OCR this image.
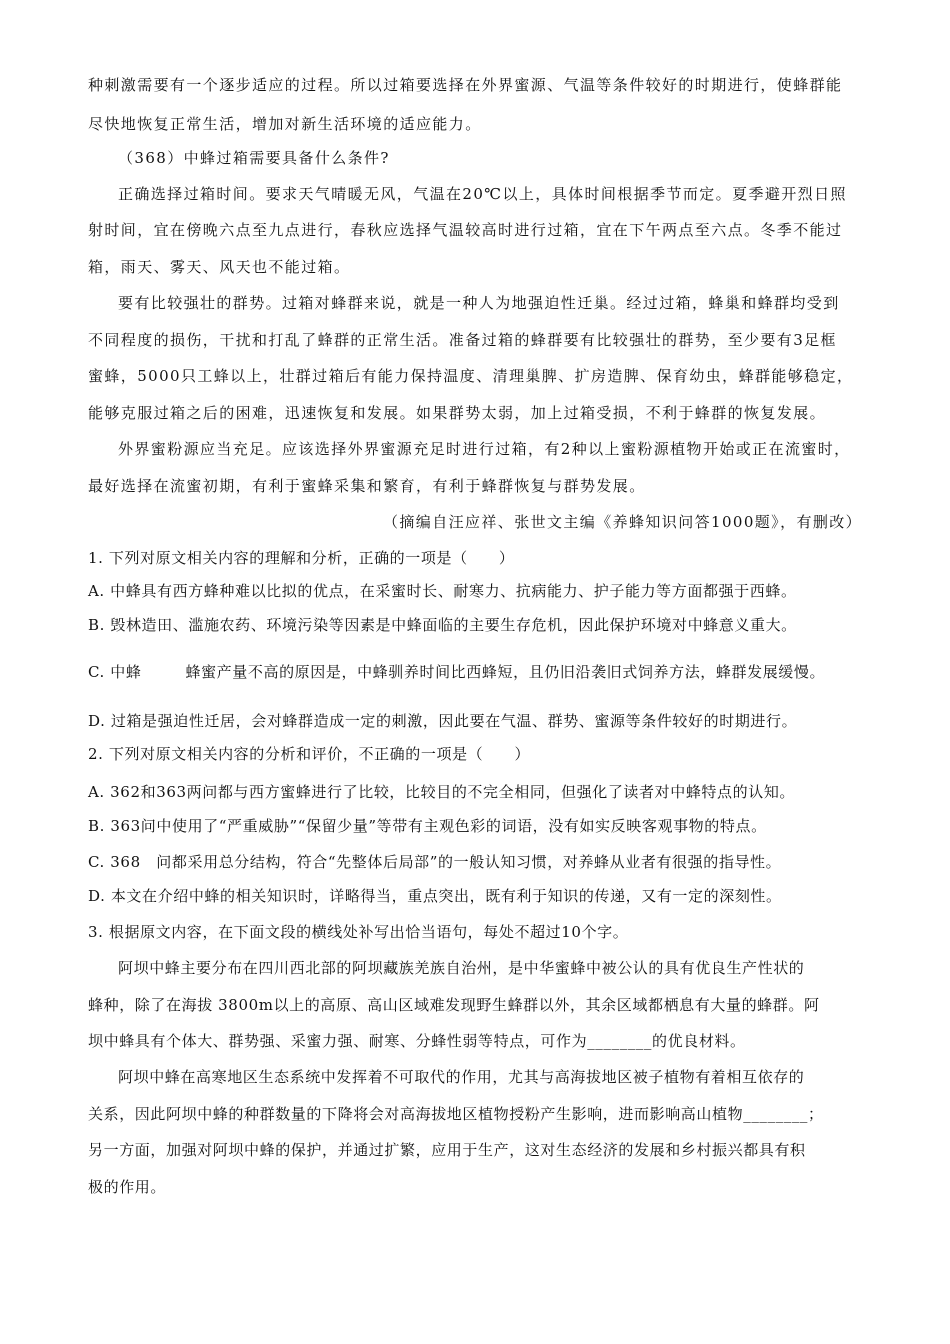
种刺激需要有一个逐步适应的过程。所以过箱要选择在外界蜜源、气温等条件较好的时期进行，使蜂群能
尽快地恢复正常生活，增加对新生活环境的适应能力。
（368）中蜂过箱需要具备什么条件?
正确选择过箱时间。要求天气晴暖无风，气温在20℃以上，具体时间根据季节而定。夏季避开烈日照
射时间，宜在傍晚六点至九点进行，春秋应选择气温较高时进行过箱，宜在下午两点至六点。冬季不能过
箱，雨天、雾天、风天也不能过箱。
要有比较强壮的群势。过箱对蜂群来说，就是一种人为地强迫性迁巢。经过过箱，蜂巢和蜂群均受到
不同程度的损伤，干扰和打乱了蜂群的正常生活。准备过箱的蜂群要有比较强壮的群势，至少要有3足框
蜜蜂，5000只工蜂以上，壮群过箱后有能力保持温度、清理巢脾、扩房造脾、保育幼虫，蜂群能够稳定，
能够克服过箱之后的困难，迅速恢复和发展。如果群势太弱，加上过箱受损，不利于蜂群的恢复发展。
外界蜜粉源应当充足。应该选择外界蜜源充足时进行过箱，有2种以上蜜粉源植物开始或正在流蜜时，
最好选择在流蜜初期，有利于蜜蜂采集和繁育，有利于蜂群恢复与群势发展。
（摘编自汪应祥、张世文主编《养蜂知识问答1000题》，有删改）
1. 下列对原文相关内容的理解和分析，正确的一项是（　　）
A. 中蜂具有西方蜂种难以比拟的优点，在采蜜时长、耐寒力、抗病能力、护子能力等方面都强于西蜂。
B. 毁林造田、滥施农药、环境污染等因素是中蜂面临的主要生存危机，因此保护环境对中蜂意义重大。
C. 中蜂	蜂蜜产量不高的原因是，中蜂驯养时间比西蜂短，且仍旧沿袭旧式饲养方法，蜂群发展缓慢。
D. 过箱是强迫性迁居，会对蜂群造成一定的刺激，因此要在气温、群势、蜜源等条件较好的时期进行。
2. 下列对原文相关内容的分析和评价，不正确的一项是（　　）
A. 362和363两问都与西方蜜蜂进行了比较，比较目的不完全相同，但强化了读者对中蜂特点的认知。
B. 363问中使用了“严重威胁”“保留少量”等带有主观色彩的词语，没有如实反映客观事物的特点。
C. 368　问都采用总分结构，符合“先整体后局部”的一般认知习惯，对养蜂从业者有很强的指导性。
D. 本文在介绍中蜂的相关知识时，详略得当，重点突出，既有利于知识的传递，又有一定的深刻性。
3. 根据原文内容，在下面文段的横线处补写出恰当语句，每处不超过10个字。
阿坝中蜂主要分布在四川西北部的阿坝藏族羌族自治州，是中华蜜蜂中被公认的具有优良生产性状的
蜂种，除了在海拔 3800m以上的高原、高山区域难发现野生蜂群以外，其余区域都栖息有大量的蜂群。阿
坝中蜂具有个体大、群势强、采蜜力强、耐寒、分蜂性弱等特点，可作为________的优良材料。
阿坝中蜂在高寒地区生态系统中发挥着不可取代的作用，尤其与高海拔地区被子植物有着相互依存的
关系，因此阿坝中蜂的种群数量的下降将会对高海拔地区植物授粉产生影响，进而影响高山植物________；
另一方面，加强对阿坝中蜂的保护，并通过扩繁，应用于生产，这对生态经济的发展和乡村振兴都具有积
极的作用。
